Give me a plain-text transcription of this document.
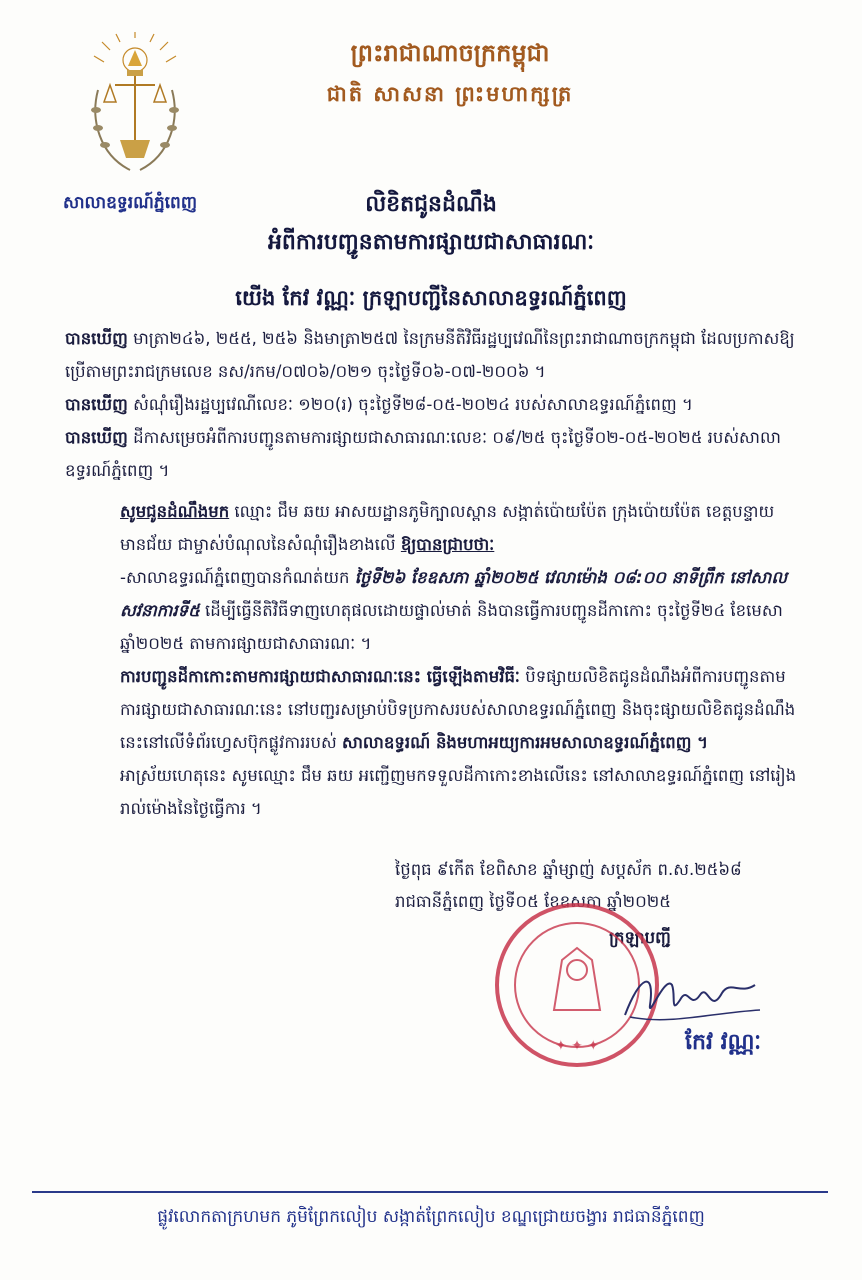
សាលាឧទ្ធរណ៍ភ្នំពេញ
ព្រះរាជាណាចក្រកម្ពុជា
ជាតិ សាសនា ព្រះមហាក្សត្រ
លិខិតជូនដំណឹង
អំពីការបញ្ជូនតាមការផ្សាយជាសាធារណៈ
យើង កែវ វណ្ណៈ ក្រឡាបញ្ជីនៃសាលាឧទ្ធរណ៍ភ្នំពេញ

បានឃើញ មាត្រា២៤៦, ២៥៥, ២៥៦ និងមាត្រា២៥៧ នៃក្រមនីតិវិធីរដ្ឋប្បវេណីនៃព្រះរាជាណាចក្រកម្ពុជា ដែលប្រកាសឱ្យប្រើតាមព្រះរាជក្រមលេខ នស/រកម/០៧០៦/០២១ ចុះថ្ងៃទី០៦-០៧-២០០៦ ។

បានឃើញ សំណុំរឿងរដ្ឋប្បវេណីលេខៈ ១២០(រ) ចុះថ្ងៃទី២៨-០៥-២០២៤ របស់សាលាឧទ្ធរណ៍ភ្នំពេញ ។

បានឃើញ ដីកាសម្រេចអំពីការបញ្ជូនតាមការផ្សាយជាសាធារណៈលេខៈ ០៩/២៥ ចុះថ្ងៃទី០២-០៥-២០២៥ របស់សាលាឧទ្ធរណ៍ភ្នំពេញ ។

សូមជូនដំណឹងមក ឈ្មោះ ជឹម ឆយ អាសយដ្ឋានភូមិក្បាលស្ពាន សង្កាត់ប៉ោយប៉ែត ក្រុងប៉ោយប៉ែត ខេត្តបន្ទាយមានជ័យ ជាម្ចាស់បំណុលនៃសំណុំរឿងខាងលើ ឱ្យបានជ្រាបថាៈ

-សាលាឧទ្ធរណ៍ភ្នំពេញបានកំណត់យក ថ្ងៃទី២៦ ខែឧសភា ឆ្នាំ២០២៥ វេលាម៉ោង ០៨:០០ នាទីព្រឹក នៅសាលសវនាការទី៥ ដើម្បីធ្វើនីតិវិធីទាញហេតុផលដោយផ្ទាល់មាត់ និងបានធ្វើការបញ្ជូនដីកាកោះ ចុះថ្ងៃទី២៤ ខែមេសា ឆ្នាំ២០២៥ តាមការផ្សាយជាសាធារណៈ ។

ការបញ្ជូនដីកាកោះតាមការផ្សាយជាសាធារណៈនេះ ធ្វើឡើងតាមវិធីៈ បិទផ្សាយលិខិតជូនដំណឹងអំពីការបញ្ជូនតាមការផ្សាយជាសាធារណៈនេះ នៅបញ្ជរសម្រាប់បិទប្រកាសរបស់សាលាឧទ្ធរណ៍ភ្នំពេញ និងចុះផ្សាយលិខិតជូនដំណឹងនេះនៅលើទំព័រហ្វេសប៊ុកផ្លូវការរបស់ សាលាឧទ្ធរណ៍ និងមហាអយ្យការអមសាលាឧទ្ធរណ៍ភ្នំពេញ ។

អាស្រ័យហេតុនេះ សូមឈ្មោះ ជឹម ឆយ អញ្ជើញមកទទួលដីកាកោះខាងលើនេះ នៅសាលាឧទ្ធរណ៍ភ្នំពេញ នៅរៀងរាល់ម៉ោងនៃថ្ងៃធ្វើការ ។

ថ្ងៃពុធ ៩កើត ខែពិសាខ ឆ្នាំម្សាញ់ សប្តស័ក ព.ស.២៥៦៨
រាជធានីភ្នំពេញ ថ្ងៃទី០៥ ខែឧសភា ឆ្នាំ២០២៥
ក្រឡាបញ្ជី
✦ ✦ ✦	កែវ វណ្ណៈ
ផ្លូវលោកតាក្រហមក ភូមិព្រែកលៀប សង្កាត់ព្រែកលៀប ខណ្ឌជ្រោយចង្វារ រាជធានីភ្នំពេញ
